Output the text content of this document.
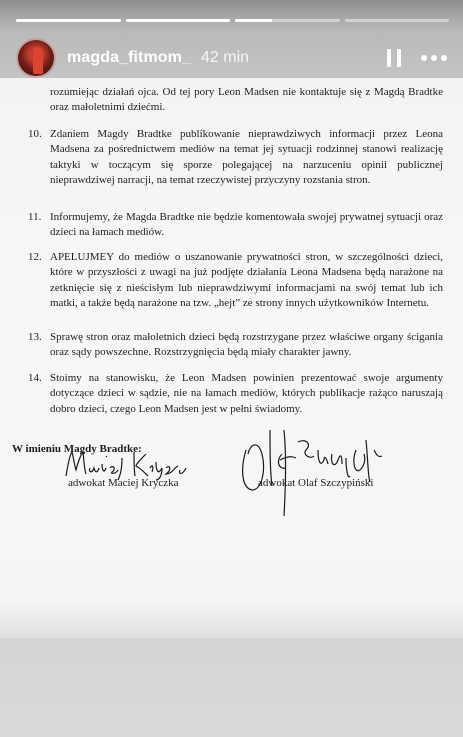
magda_fitmom_ 42 min
rozumiejąc działań ojca. Od tej pory Leon Madsen nie kontaktuje się z Magdą Bradtke oraz małoletnimi dziećmi.
10. Zdaniem Magdy Bradtke publikowanie nieprawdziwych informacji przez Leona Madsena za pośrednictwem mediów na temat jej sytuacji rodzinnej stanowi realizację taktyki w toczącym się sporze polegającej na narzuceniu opinii publicznej nieprawdziwej narracji, na temat rzeczywistej przyczyny rozstania stron.
11. Informujemy, że Magda Bradtke nie będzie komentowała swojej prywatnej sytuacji oraz dzieci na łamach mediów.
12. APELUJMEY do mediów o uszanowanie prywatności stron, w szczególności dzieci, które w przyszłości z uwagi na już podjęte działania Leona Madsena będą narażone na zetknięcie się z nieścisłym lub nieprawdziwymi informacjami na swój temat lub ich matki, a także będą narażone na tzw. „hejt” ze strony innych użytkowników Internetu.
13. Sprawę stron oraz małoletnich dzieci będą rozstrzygane przez właściwe organy ścigania oraz sądy powszechne. Rozstrzygnięcia będą miały charakter jawny.
14. Stoimy na stanowisku, że Leon Madsen powinien prezentować swoje argumenty dotyczące dzieci w sądzie, nie na łamach mediów, których publikacje rażąco naruszają dobro dzieci, czego Leon Madsen jest w pełni świadomy.
W imieniu Magdy Bradtke:
adwokat Maciej Kryczka	adwokat Olaf Szczypiński
